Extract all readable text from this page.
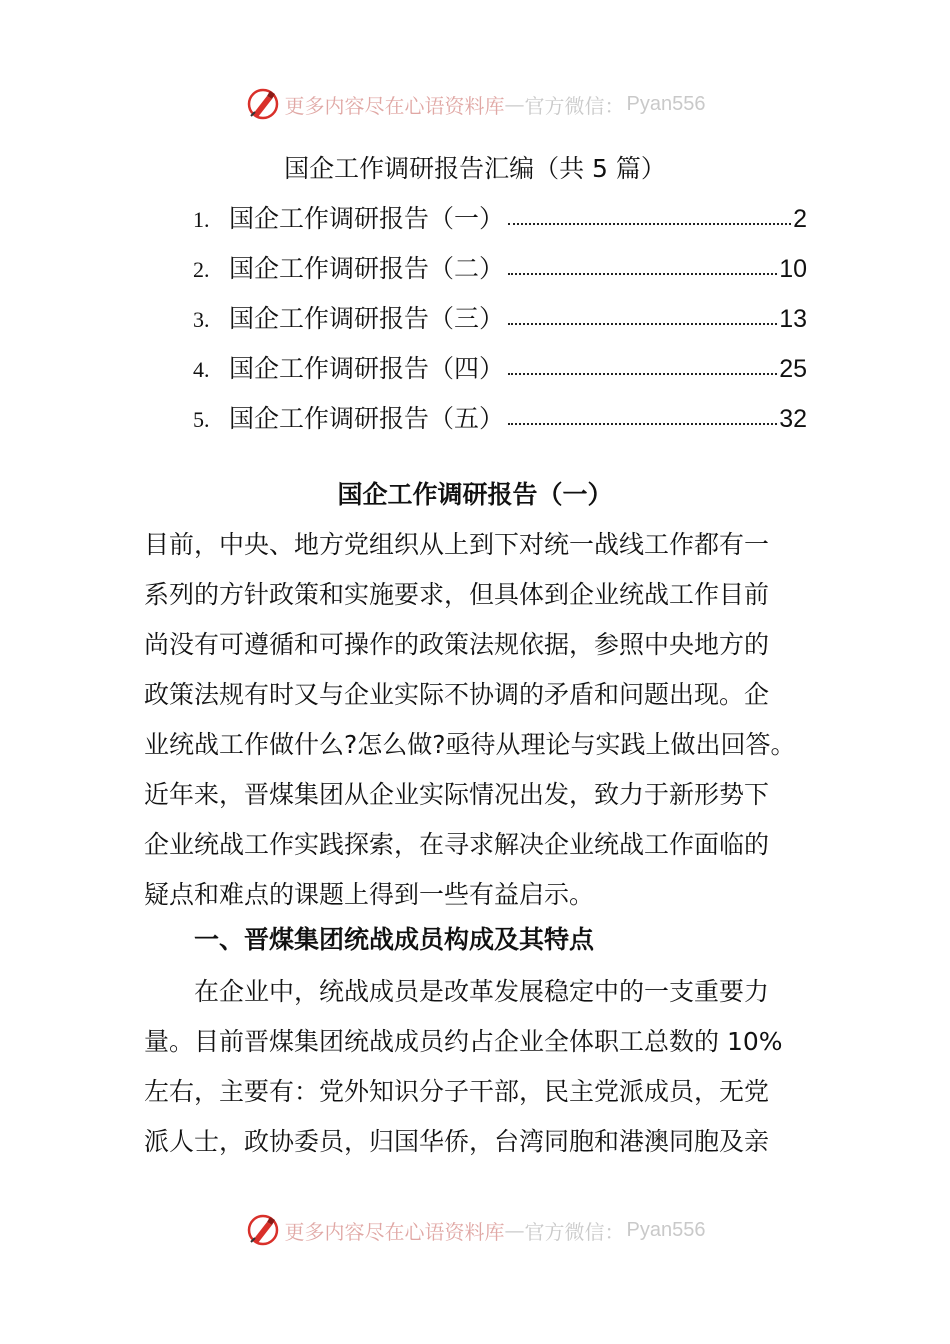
更多内容尽在心语资料库 — 官方微信： Pyan556
国企工作调研报告汇编（共 5 篇）
1. 国企工作调研报告（一）	2
2. 国企工作调研报告（二）	10
3. 国企工作调研报告（三）	13
4. 国企工作调研报告（四）	25
5. 国企工作调研报告（五）	32
国企工作调研报告（一）
目前，中央、地方党组织从上到下对统一战线工作都有一
系列的方针政策和实施要求，但具体到企业统战工作目前
尚没有可遵循和可操作的政策法规依据，参照中央地方的
政策法规有时又与企业实际不协调的矛盾和问题出现。企
业统战工作做什么?怎么做?亟待从理论与实践上做出回答。
近年来，晋煤集团从企业实际情况出发，致力于新形势下
企业统战工作实践探索，在寻求解决企业统战工作面临的
疑点和难点的课题上得到一些有益启示。
一、晋煤集团统战成员构成及其特点
在企业中，统战成员是改革发展稳定中的一支重要力
量。目前晋煤集团统战成员约占企业全体职工总数的 10%
左右，主要有：党外知识分子干部，民主党派成员，无党
派人士，政协委员，归国华侨，台湾同胞和港澳同胞及亲
更多内容尽在心语资料库 — 官方微信： Pyan556
